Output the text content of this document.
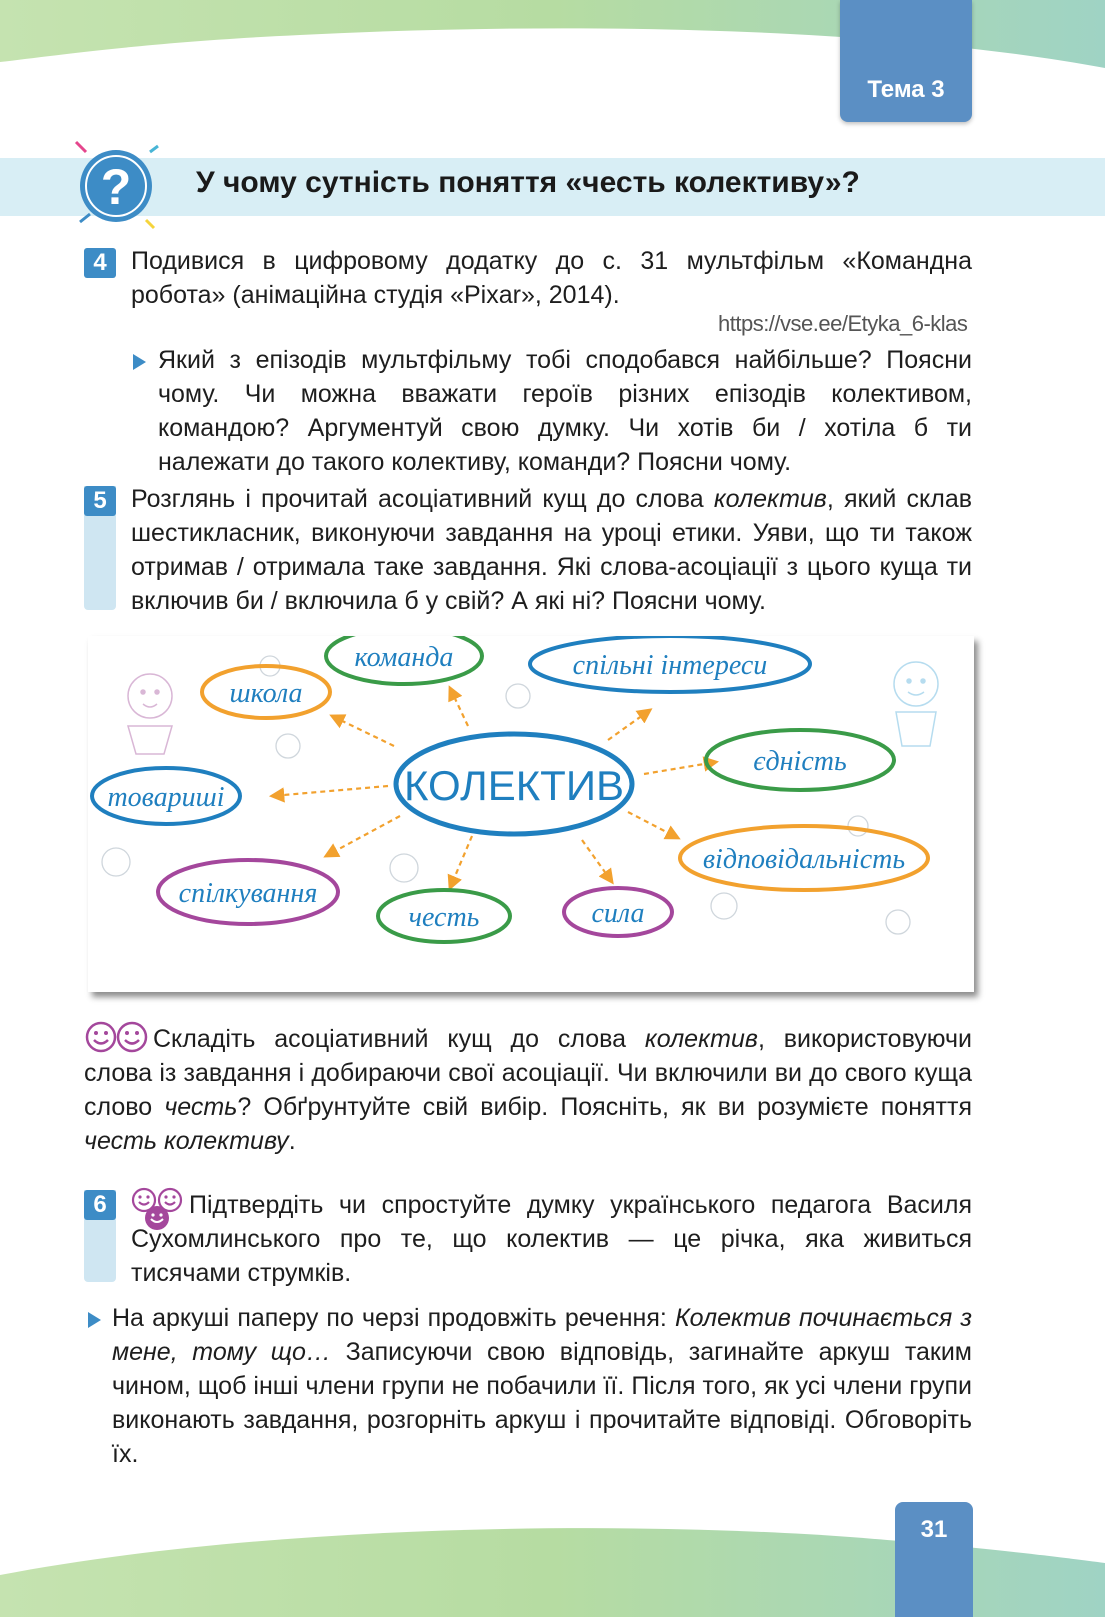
Тема 3
? У чому сутність поняття «честь колективу»?
4 Подивися в цифровому додатку до с. 31 мультфільм «Командна робота» (анімаційна студія «Pixar», 2014).
https://vse.ee/Etyka_6-klas
Який з епізодів мультфільму тобі сподобався найбільше? Поясни чому. Чи можна вважати героїв різних епізодів колективом, командою? Аргументуй свою думку. Чи хотів би / хотіла б ти належати до такого колективу, команди? Поясни чому.
5 Розглянь і прочитай асоціативний кущ до слова колектив, який склав шестикласник, виконуючи завдання на уроці етики. Уяви, що ти також отримав / отримала таке завдання. Які слова-асоціації з цього куща ти включив би / включила б у свій? А які ні? Поясни чому.
КОЛЕКТИВ
команда	спільні інтереси
школа
єдність
товариші
відповідальність
спілкування
честь	сила
Складіть асоціативний кущ до слова колектив, використовуючи слова із завдання і добираючи свої асоціації. Чи включили ви до свого куща слово честь? Обґрунтуйте свій вибір. Поясніть, як ви розумієте поняття честь колективу.
6	Підтвердіть чи спростуйте думку українського педагога Василя Сухомлинського про те, що колектив — це річка, яка живиться тисячами струмків.
На аркуші паперу по черзі продовжіть речення: Колектив починається з мене, тому що… Записуючи свою відповідь, загинайте аркуш таким чином, щоб інші члени групи не побачили її. Після того, як усі члени групи виконають завдання, розгорніть аркуш і прочитайте відповіді. Обговоріть їх.
31
